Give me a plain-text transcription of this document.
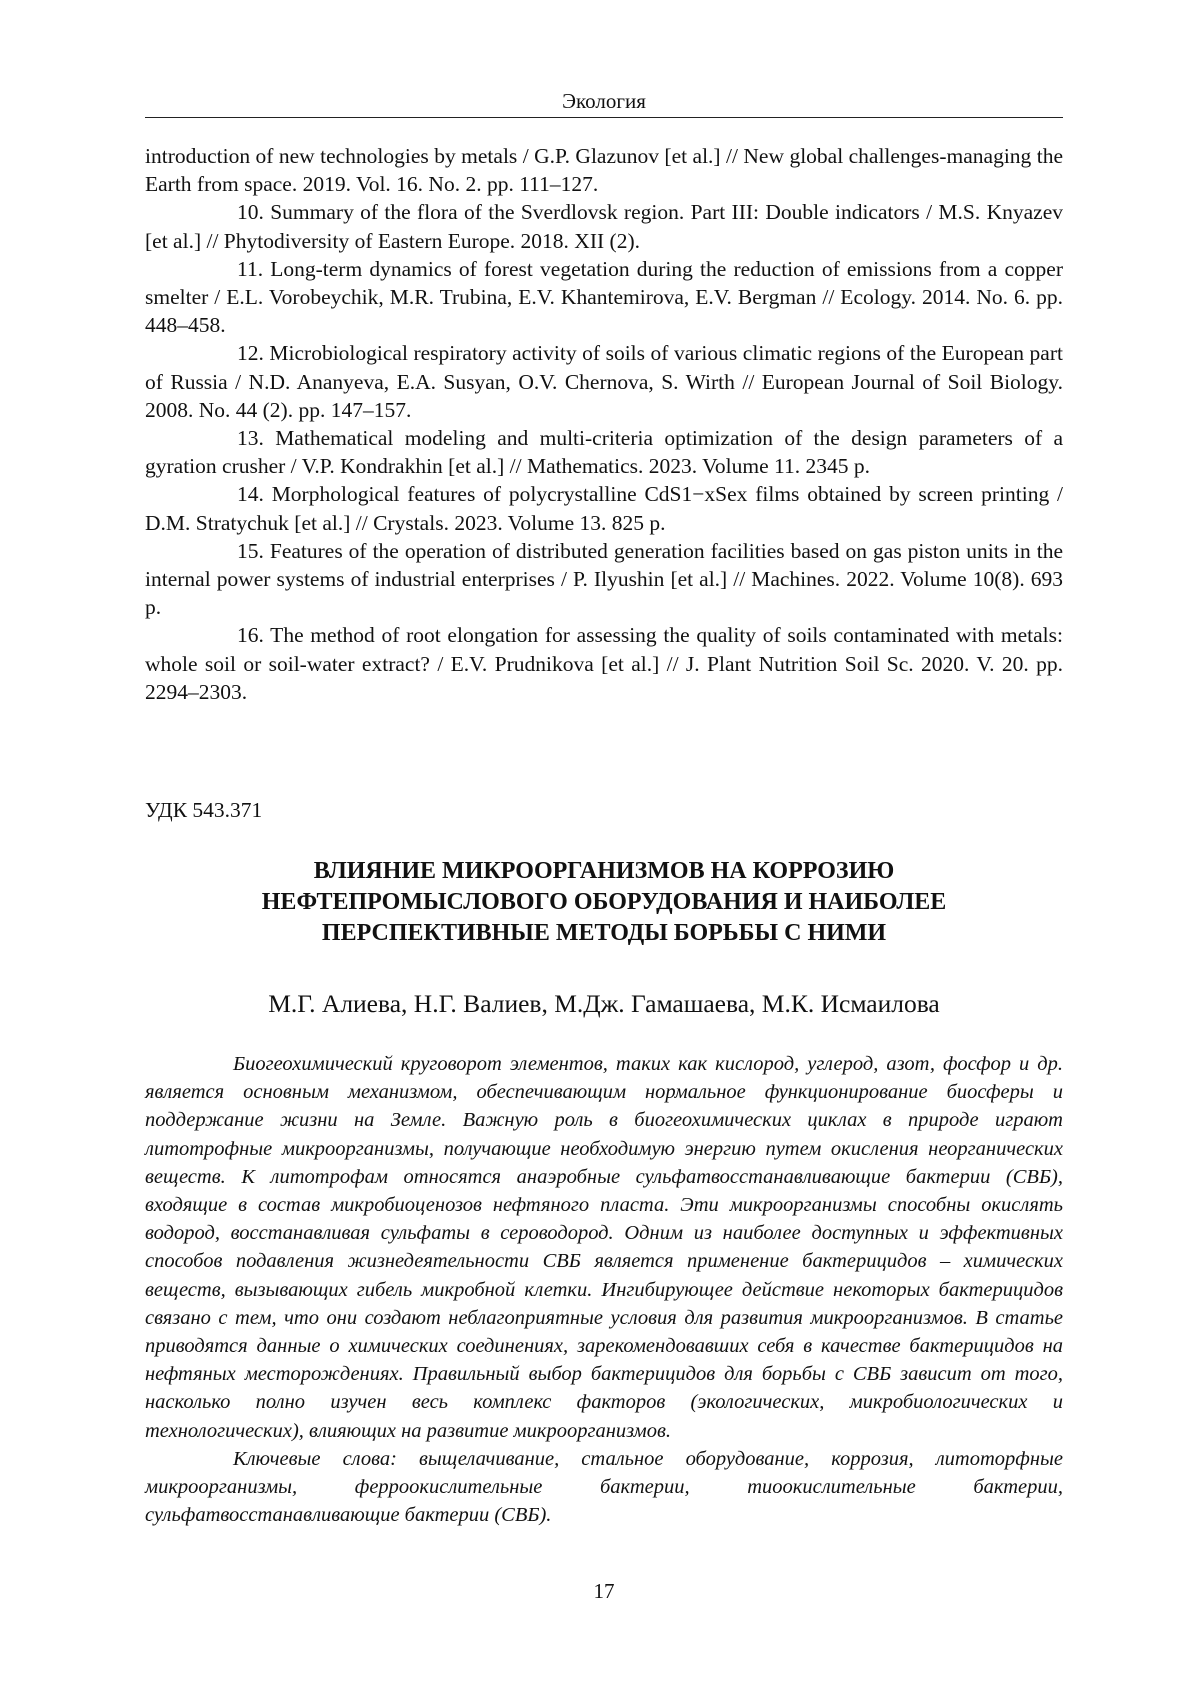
Экология

introduction of new technologies by metals / G.P. Glazunov [et al.] // New global challenges-managing the Earth from space. 2019. Vol. 16. No. 2. pp. 111–127.

10. Summary of the flora of the Sverdlovsk region. Part III: Double indicators / M.S. Knyazev [et al.] // Phytodiversity of Eastern Europe. 2018. XII (2).

11. Long-term dynamics of forest vegetation during the reduction of emissions from a copper smelter / E.L. Vorobeychik, M.R. Trubina, E.V. Khantemirova, E.V. Bergman // Ecology. 2014. No. 6. pp. 448–458.

12. Microbiological respiratory activity of soils of various climatic regions of the European part of Russia / N.D. Ananyeva, E.A. Susyan, O.V. Chernova, S. Wirth // European Journal of Soil Biology. 2008. No. 44 (2). pp. 147–157.

13. Mathematical modeling and multi-criteria optimization of the design parameters of a gyration crusher / V.P. Kondrakhin [et al.] // Mathematics. 2023. Volume 11. 2345 p.

14. Morphological features of polycrystalline CdS1−xSex films obtained by screen printing / D.M. Stratychuk [et al.] // Crystals. 2023. Volume 13. 825 p.

15. Features of the operation of distributed generation facilities based on gas piston units in the internal power systems of industrial enterprises / P. Ilyushin [et al.] // Machines. 2022. Volume 10(8). 693 p.

16. The method of root elongation for assessing the quality of soils contaminated with metals: whole soil or soil-water extract? / E.V. Prudnikova [et al.] // J. Plant Nutrition Soil Sc. 2020. V. 20. pp. 2294–2303.

УДК 543.371
ВЛИЯНИЕ МИКРООРГАНИЗМОВ НА КОРРОЗИЮ
НЕФТЕПРОМЫСЛОВОГО ОБОРУДОВАНИЯ И НАИБОЛЕЕ
ПЕРСПЕКТИВНЫЕ МЕТОДЫ БОРЬБЫ С НИМИ
М.Г. Алиева, Н.Г. Валиев, М.Дж. Гамашаева, М.К. Исмаилова

Биогеохимический круговорот элементов, таких как кислород, углерод, азот, фосфор и др. является основным механизмом, обеспечивающим нормальное функционирование биосферы и поддержание жизни на Земле. Важную роль в биогеохимических циклах в природе играют литотрофные микроорганизмы, получающие необходимую энергию путем окисления неорганических веществ. К литотрофам относятся анаэробные сульфатвосстанавливающие бактерии (СВБ), входящие в состав микробиоценозов нефтяного пласта. Эти микроорганизмы способны окислять водород, восстанавливая сульфаты в сероводород. Одним из наиболее доступных и эффективных способов подавления жизнедеятельности СВБ является применение бактерицидов – химических веществ, вызывающих гибель микробной клетки. Ингибирующее действие некоторых бактерицидов связано с тем, что они создают неблагоприятные условия для развития микроорганизмов. В статье приводятся данные о химических соединениях, зарекомендовавших себя в качестве бактерицидов на нефтяных месторождениях. Правильный выбор бактерицидов для борьбы с СВБ зависит от того, насколько полно изучен весь комплекс факторов (экологических, микробиологических и технологических), влияющих на развитие микроорганизмов.

Ключевые слова: выщелачивание, стальное оборудование, коррозия, литоторфные микроорганизмы, ферроокислительные бактерии, тиоокислительные бактерии, сульфатвосстанавливающие бактерии (СВБ).

17
